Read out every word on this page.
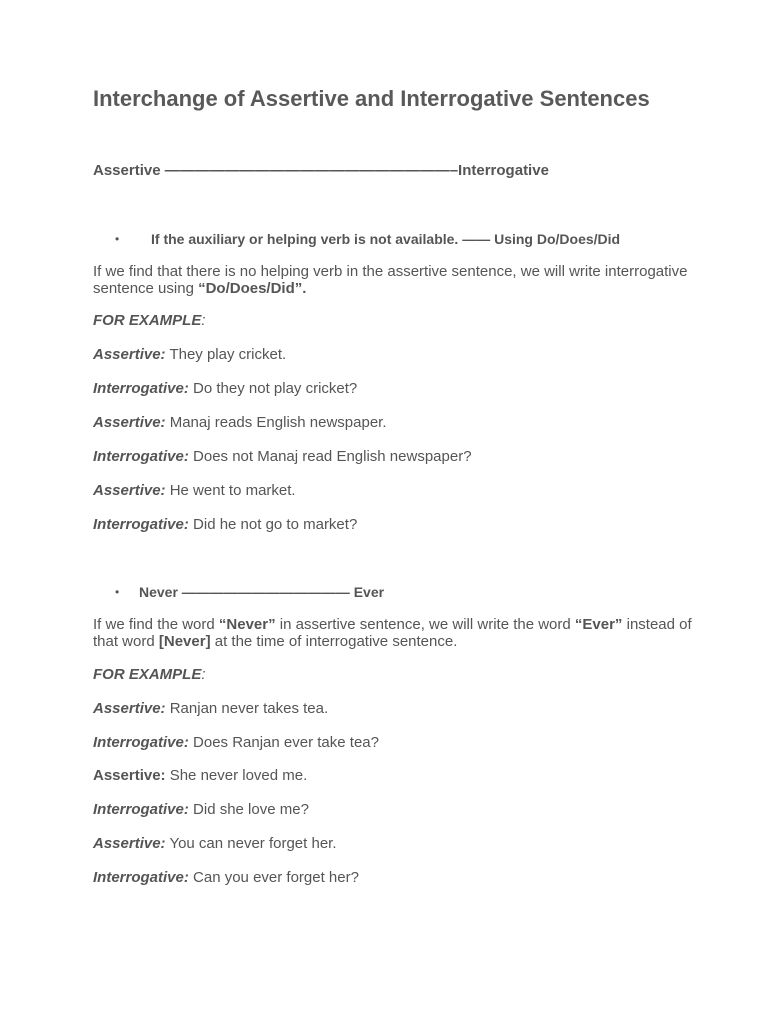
Interchange of Assertive and Interrogative Sentences

Assertive ———————————————————–Interrogative

• If the auxiliary or helping verb is not available. —— Using Do/Does/Did

If we find that there is no helping verb in the assertive sentence, we will write interrogative sentence using “Do/Does/Did”.

FOR EXAMPLE:

Assertive: They play cricket.

Interrogative: Do they not play cricket?

Assertive: Manaj reads English newspaper.

Interrogative: Does not Manaj read English newspaper?

Assertive: He went to market.

Interrogative: Did he not go to market?

• Never ———————————— Ever

If we find the word “Never” in assertive sentence, we will write the word “Ever” instead of that word [Never] at the time of interrogative sentence.

FOR EXAMPLE:

Assertive: Ranjan never takes tea.

Interrogative: Does Ranjan ever take tea?

Assertive: She never loved me.

Interrogative: Did she love me?

Assertive: You can never forget her.

Interrogative: Can you ever forget her?
